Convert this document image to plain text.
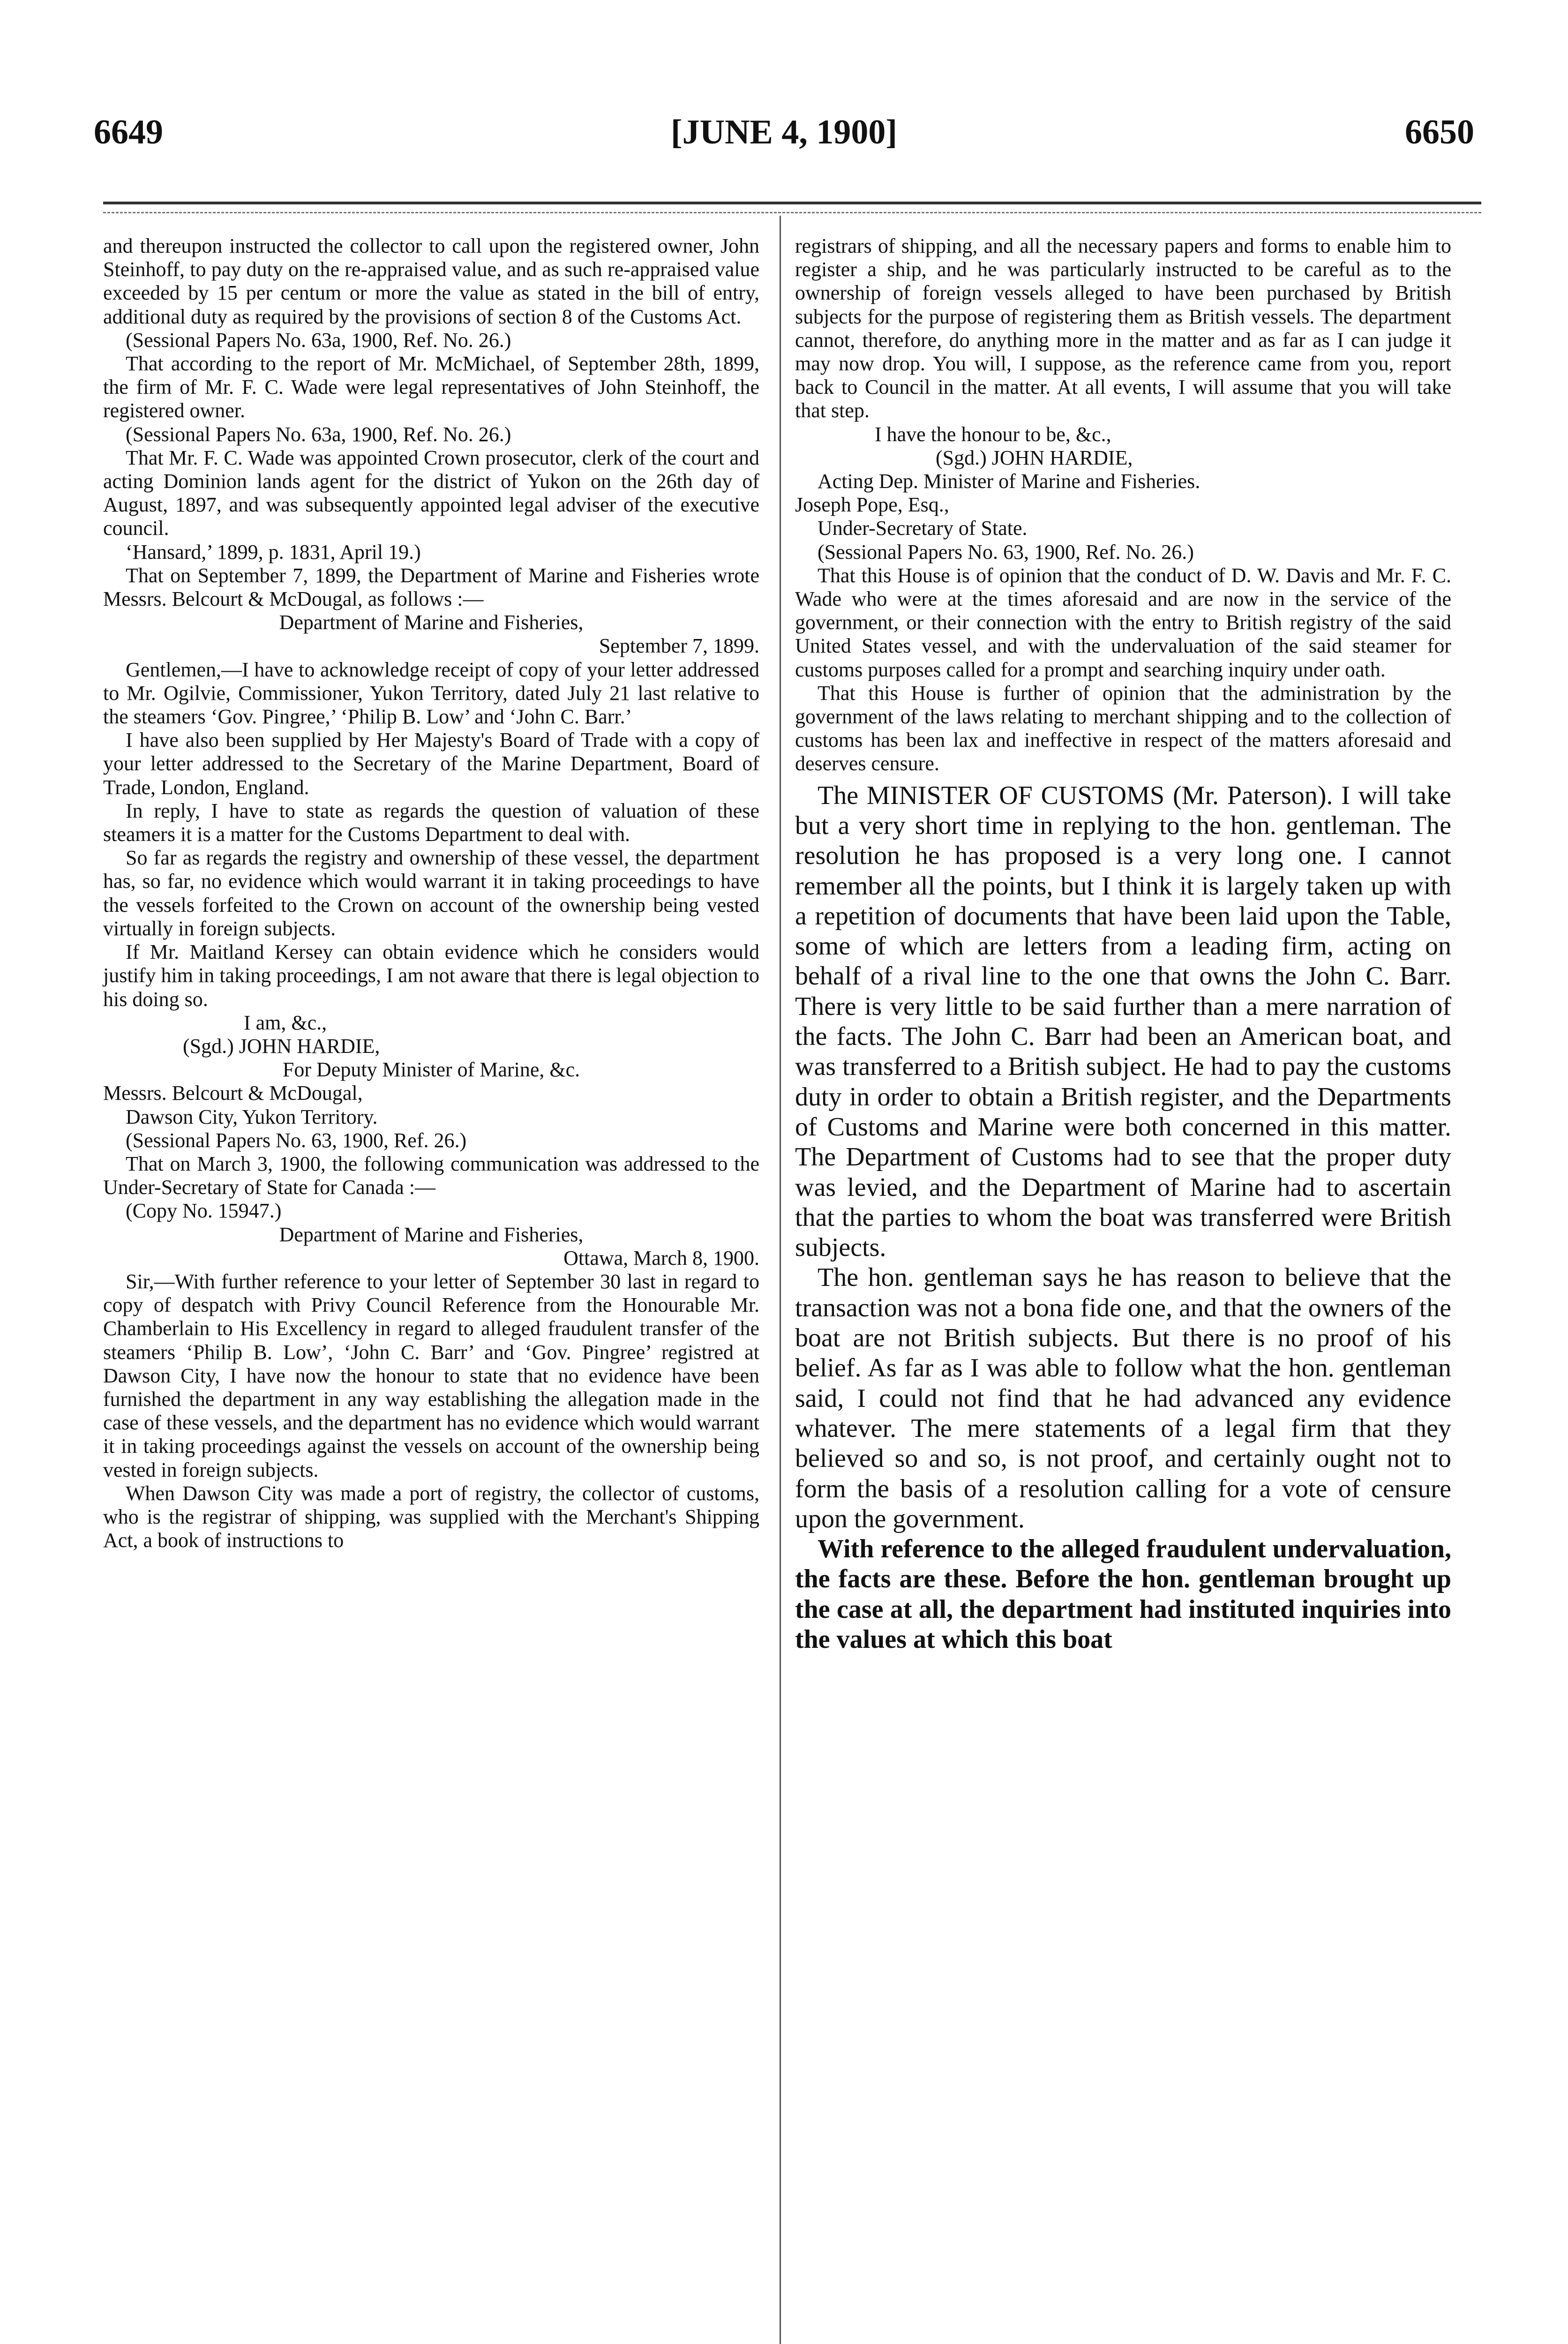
6649	[JUNE 4, 1900]	6650

and thereupon instructed the collector to call upon the registered owner, John Steinhoff, to pay duty on the re-appraised value, and as such re-appraised value exceeded by 15 per centum or more the value as stated in the bill of entry, additional duty as required by the provisions of section 8 of the Customs Act.

(Sessional Papers No. 63a, 1900, Ref. No. 26.)

That according to the report of Mr. McMichael, of September 28th, 1899, the firm of Mr. F. C. Wade were legal representatives of John Steinhoff, the registered owner.

(Sessional Papers No. 63a, 1900, Ref. No. 26.)

That Mr. F. C. Wade was appointed Crown prosecutor, clerk of the court and acting Dominion lands agent for the district of Yukon on the 26th day of August, 1897, and was subsequently appointed legal adviser of the executive council.

‘Hansard,’ 1899, p. 1831, April 19.)

That on September 7, 1899, the Department of Marine and Fisheries wrote Messrs. Belcourt & McDougal, as follows :—

Department of Marine and Fisheries,

September 7, 1899.

Gentlemen,—I have to acknowledge receipt of copy of your letter addressed to Mr. Ogilvie, Commissioner, Yukon Territory, dated July 21 last relative to the steamers ‘Gov. Pingree,’ ‘Philip B. Low’ and ‘John C. Barr.’

I have also been supplied by Her Majesty's Board of Trade with a copy of your letter addressed to the Secretary of the Marine Department, Board of Trade, London, England.

In reply, I have to state as regards the question of valuation of these steamers it is a matter for the Customs Department to deal with.

So far as regards the registry and ownership of these vessel, the department has, so far, no evidence which would warrant it in taking proceedings to have the vessels forfeited to the Crown on account of the ownership being vested virtually in foreign subjects.

If Mr. Maitland Kersey can obtain evidence which he considers would justify him in taking proceedings, I am not aware that there is legal objection to his doing so.

I am, &c.,

(Sgd.) JOHN HARDIE,

For Deputy Minister of Marine, &c.

Messrs. Belcourt & McDougal,

Dawson City, Yukon Territory.

(Sessional Papers No. 63, 1900, Ref. 26.)

That on March 3, 1900, the following communication was addressed to the Under-Secretary of State for Canada :—

(Copy No. 15947.)

Department of Marine and Fisheries,

Ottawa, March 8, 1900.

Sir,—With further reference to your letter of September 30 last in regard to copy of despatch with Privy Council Reference from the Honourable Mr. Chamberlain to His Excellency in regard to alleged fraudulent transfer of the steamers ‘Philip B. Low’, ‘John C. Barr’ and ‘Gov. Pingree’ registred at Dawson City, I have now the honour to state that no evidence have been furnished the department in any way establishing the allegation made in the case of these vessels, and the department has no evidence which would warrant it in taking proceedings against the vessels on account of the ownership being vested in foreign subjects.

When Dawson City was made a port of registry, the collector of customs, who is the registrar of shipping, was supplied with the Merchant's Shipping Act, a book of instructions to

registrars of shipping, and all the necessary papers and forms to enable him to register a ship, and he was particularly instructed to be careful as to the ownership of foreign vessels alleged to have been purchased by British subjects for the purpose of registering them as British vessels. The department cannot, therefore, do anything more in the matter and as far as I can judge it may now drop. You will, I suppose, as the reference came from you, report back to Council in the matter. At all events, I will assume that you will take that step.

I have the honour to be, &c.,

(Sgd.) JOHN HARDIE,

Acting Dep. Minister of Marine and Fisheries.

Joseph Pope, Esq.,

Under-Secretary of State.

(Sessional Papers No. 63, 1900, Ref. No. 26.)

That this House is of opinion that the conduct of D. W. Davis and Mr. F. C. Wade who were at the times aforesaid and are now in the service of the government, or their connection with the entry to British registry of the said United States vessel, and with the undervaluation of the said steamer for customs purposes called for a prompt and searching inquiry under oath.

That this House is further of opinion that the administration by the government of the laws relating to merchant shipping and to the collection of customs has been lax and ineffective in respect of the matters aforesaid and deserves censure.

The MINISTER OF CUSTOMS (Mr. Paterson). I will take but a very short time in replying to the hon. gentleman. The resolution he has proposed is a very long one. I cannot remember all the points, but I think it is largely taken up with a repetition of documents that have been laid upon the Table, some of which are letters from a leading firm, acting on behalf of a rival line to the one that owns the John C. Barr. There is very little to be said further than a mere narration of the facts. The John C. Barr had been an American boat, and was transferred to a British subject. He had to pay the customs duty in order to obtain a British register, and the Departments of Customs and Marine were both concerned in this matter. The Department of Customs had to see that the proper duty was levied, and the Department of Marine had to ascertain that the parties to whom the boat was transferred were British subjects.

The hon. gentleman says he has reason to believe that the transaction was not a bona fide one, and that the owners of the boat are not British subjects. But there is no proof of his belief. As far as I was able to follow what the hon. gentleman said, I could not find that he had advanced any evidence whatever. The mere statements of a legal firm that they believed so and so, is not proof, and certainly ought not to form the basis of a resolution calling for a vote of censure upon the government.

With reference to the alleged fraudulent undervaluation, the facts are these. Before the hon. gentleman brought up the case at all, the department had instituted inquiries into the values at which this boat
